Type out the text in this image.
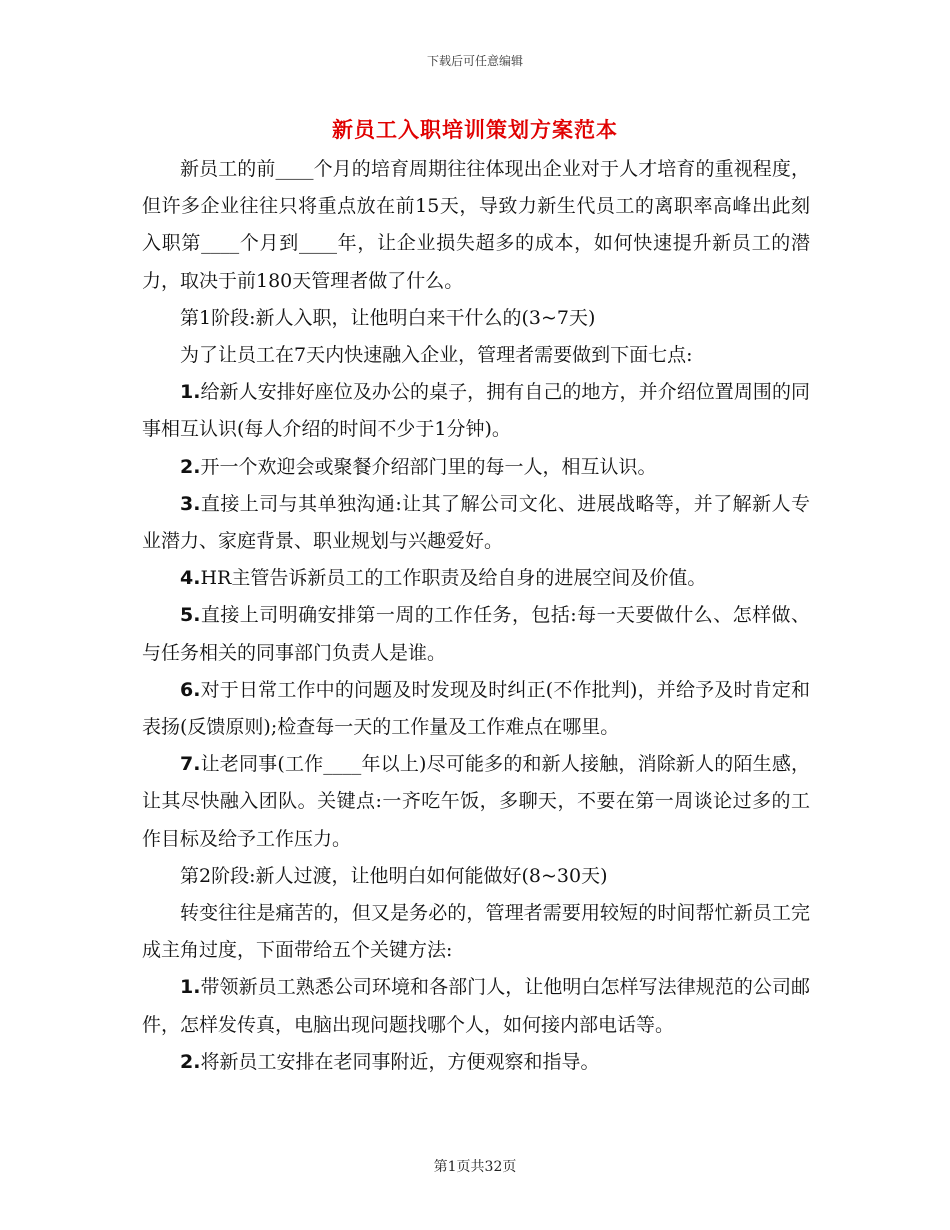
下载后可任意编辑
新员工入职培训策划方案范本

新员工的前____个月的培育周期往往体现出企业对于人才培育的重视程度，但许多企业往往只将重点放在前15天，导致力新生代员工的离职率高峰出此刻入职第____个月到____年，让企业损失超多的成本，如何快速提升新员工的潜力，取决于前180天管理者做了什么。

第1阶段:新人入职，让他明白来干什么的(3~7天)

为了让员工在7天内快速融入企业，管理者需要做到下面七点:

1.给新人安排好座位及办公的桌子，拥有自己的地方，并介绍位置周围的同事相互认识(每人介绍的时间不少于1分钟)。

2.开一个欢迎会或聚餐介绍部门里的每一人，相互认识。

3.直接上司与其单独沟通:让其了解公司文化、进展战略等，并了解新人专业潜力、家庭背景、职业规划与兴趣爱好。

4.HR主管告诉新员工的工作职责及给自身的进展空间及价值。

5.直接上司明确安排第一周的工作任务，包括:每一天要做什么、怎样做、与任务相关的同事部门负责人是谁。

6.对于日常工作中的问题及时发现及时纠正(不作批判)，并给予及时肯定和表扬(反馈原则);检查每一天的工作量及工作难点在哪里。

7.让老同事(工作____年以上)尽可能多的和新人接触，消除新人的陌生感，让其尽快融入团队。关键点:一齐吃午饭，多聊天，不要在第一周谈论过多的工作目标及给予工作压力。

第2阶段:新人过渡，让他明白如何能做好(8~30天)

转变往往是痛苦的，但又是务必的，管理者需要用较短的时间帮忙新员工完成主角过度，下面带给五个关键方法:

1.带领新员工熟悉公司环境和各部门人，让他明白怎样写法律规范的公司邮件，怎样发传真，电脑出现问题找哪个人，如何接内部电话等。

2.将新员工安排在老同事附近，方便观察和指导。

第1页共32页
